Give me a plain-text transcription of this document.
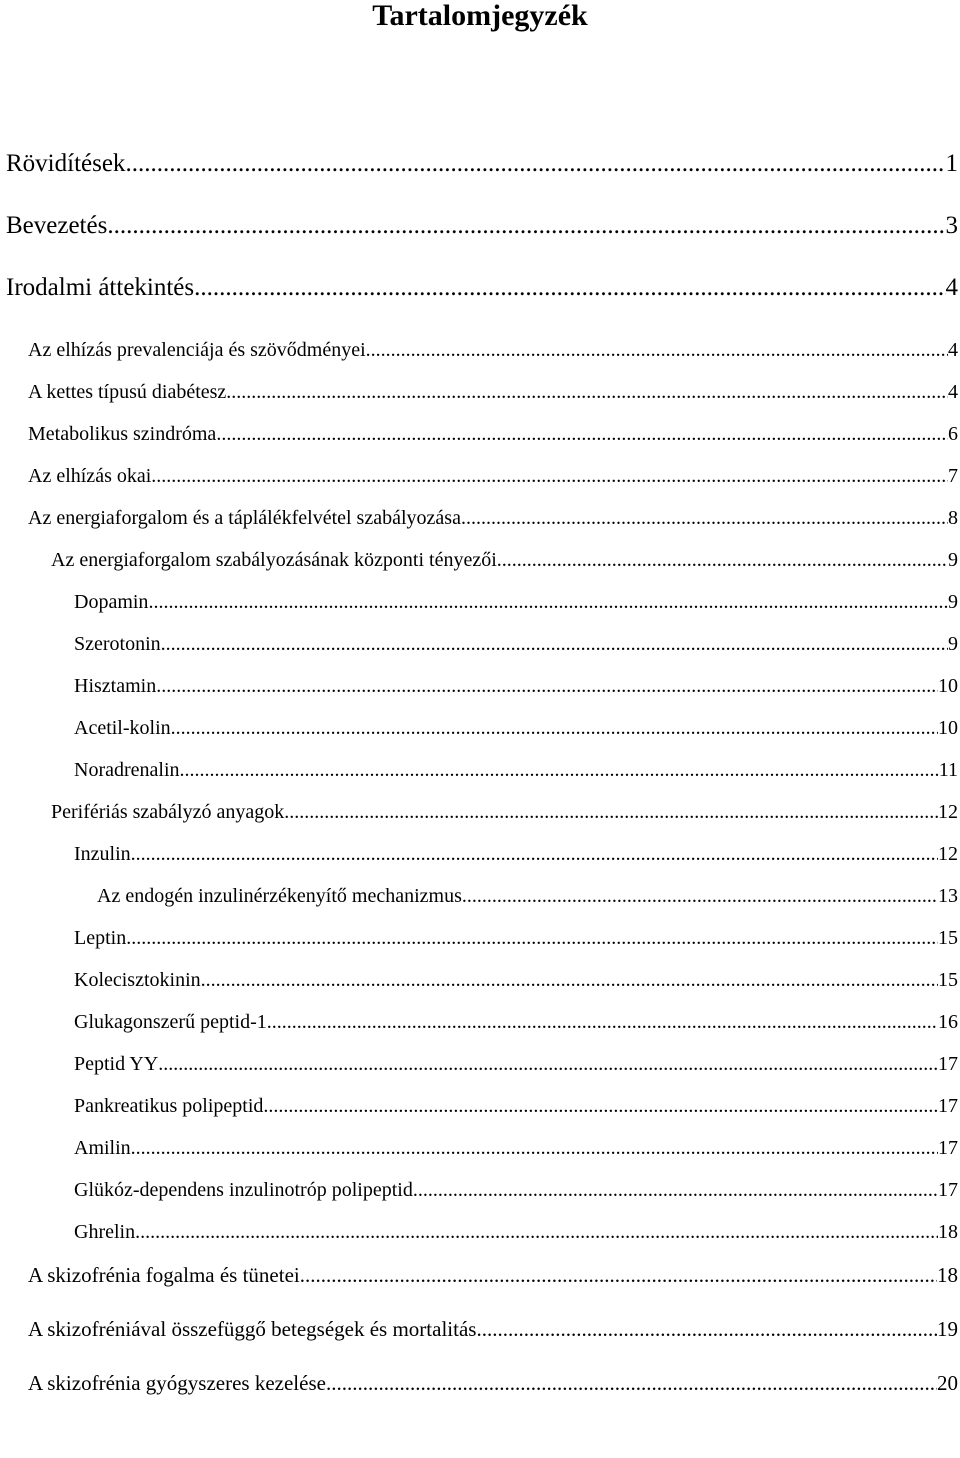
Tartalomjegyzék
Rövidítések .....	1
Bevezetés .....	3
Irodalmi áttekintés .....	4
Az elhízás prevalenciája és szövődményei .....	4
A kettes típusú diabétesz .....	4
Metabolikus szindróma .....	6
Az elhízás okai .....	7
Az energiaforgalom és a táplálékfelvétel szabályozása .....	8
Az energiaforgalom szabályozásának központi tényezői .....	9
Dopamin .....	9
Szerotonin .....	9
Hisztamin .....	10
Acetil-kolin .....	10
Noradrenalin .....	11
Perifériás szabályzó anyagok .....	12
Inzulin .....	12
Az endogén inzulinérzékenyítő mechanizmus .....	13
Leptin .....	15
Kolecisztokinin .....	15
Glukagonszerű peptid-1 .....	16
Peptid YY .....	17
Pankreatikus polipeptid .....	17
Amilin .....	17
Glükóz-dependens inzulinotróp polipeptid .....	17
Ghrelin .....	18
A skizofrénia fogalma és tünetei .....	18
A skizofréniával összefüggő betegségek és mortalitás .....	19
A skizofrénia gyógyszeres kezelése .....	20
